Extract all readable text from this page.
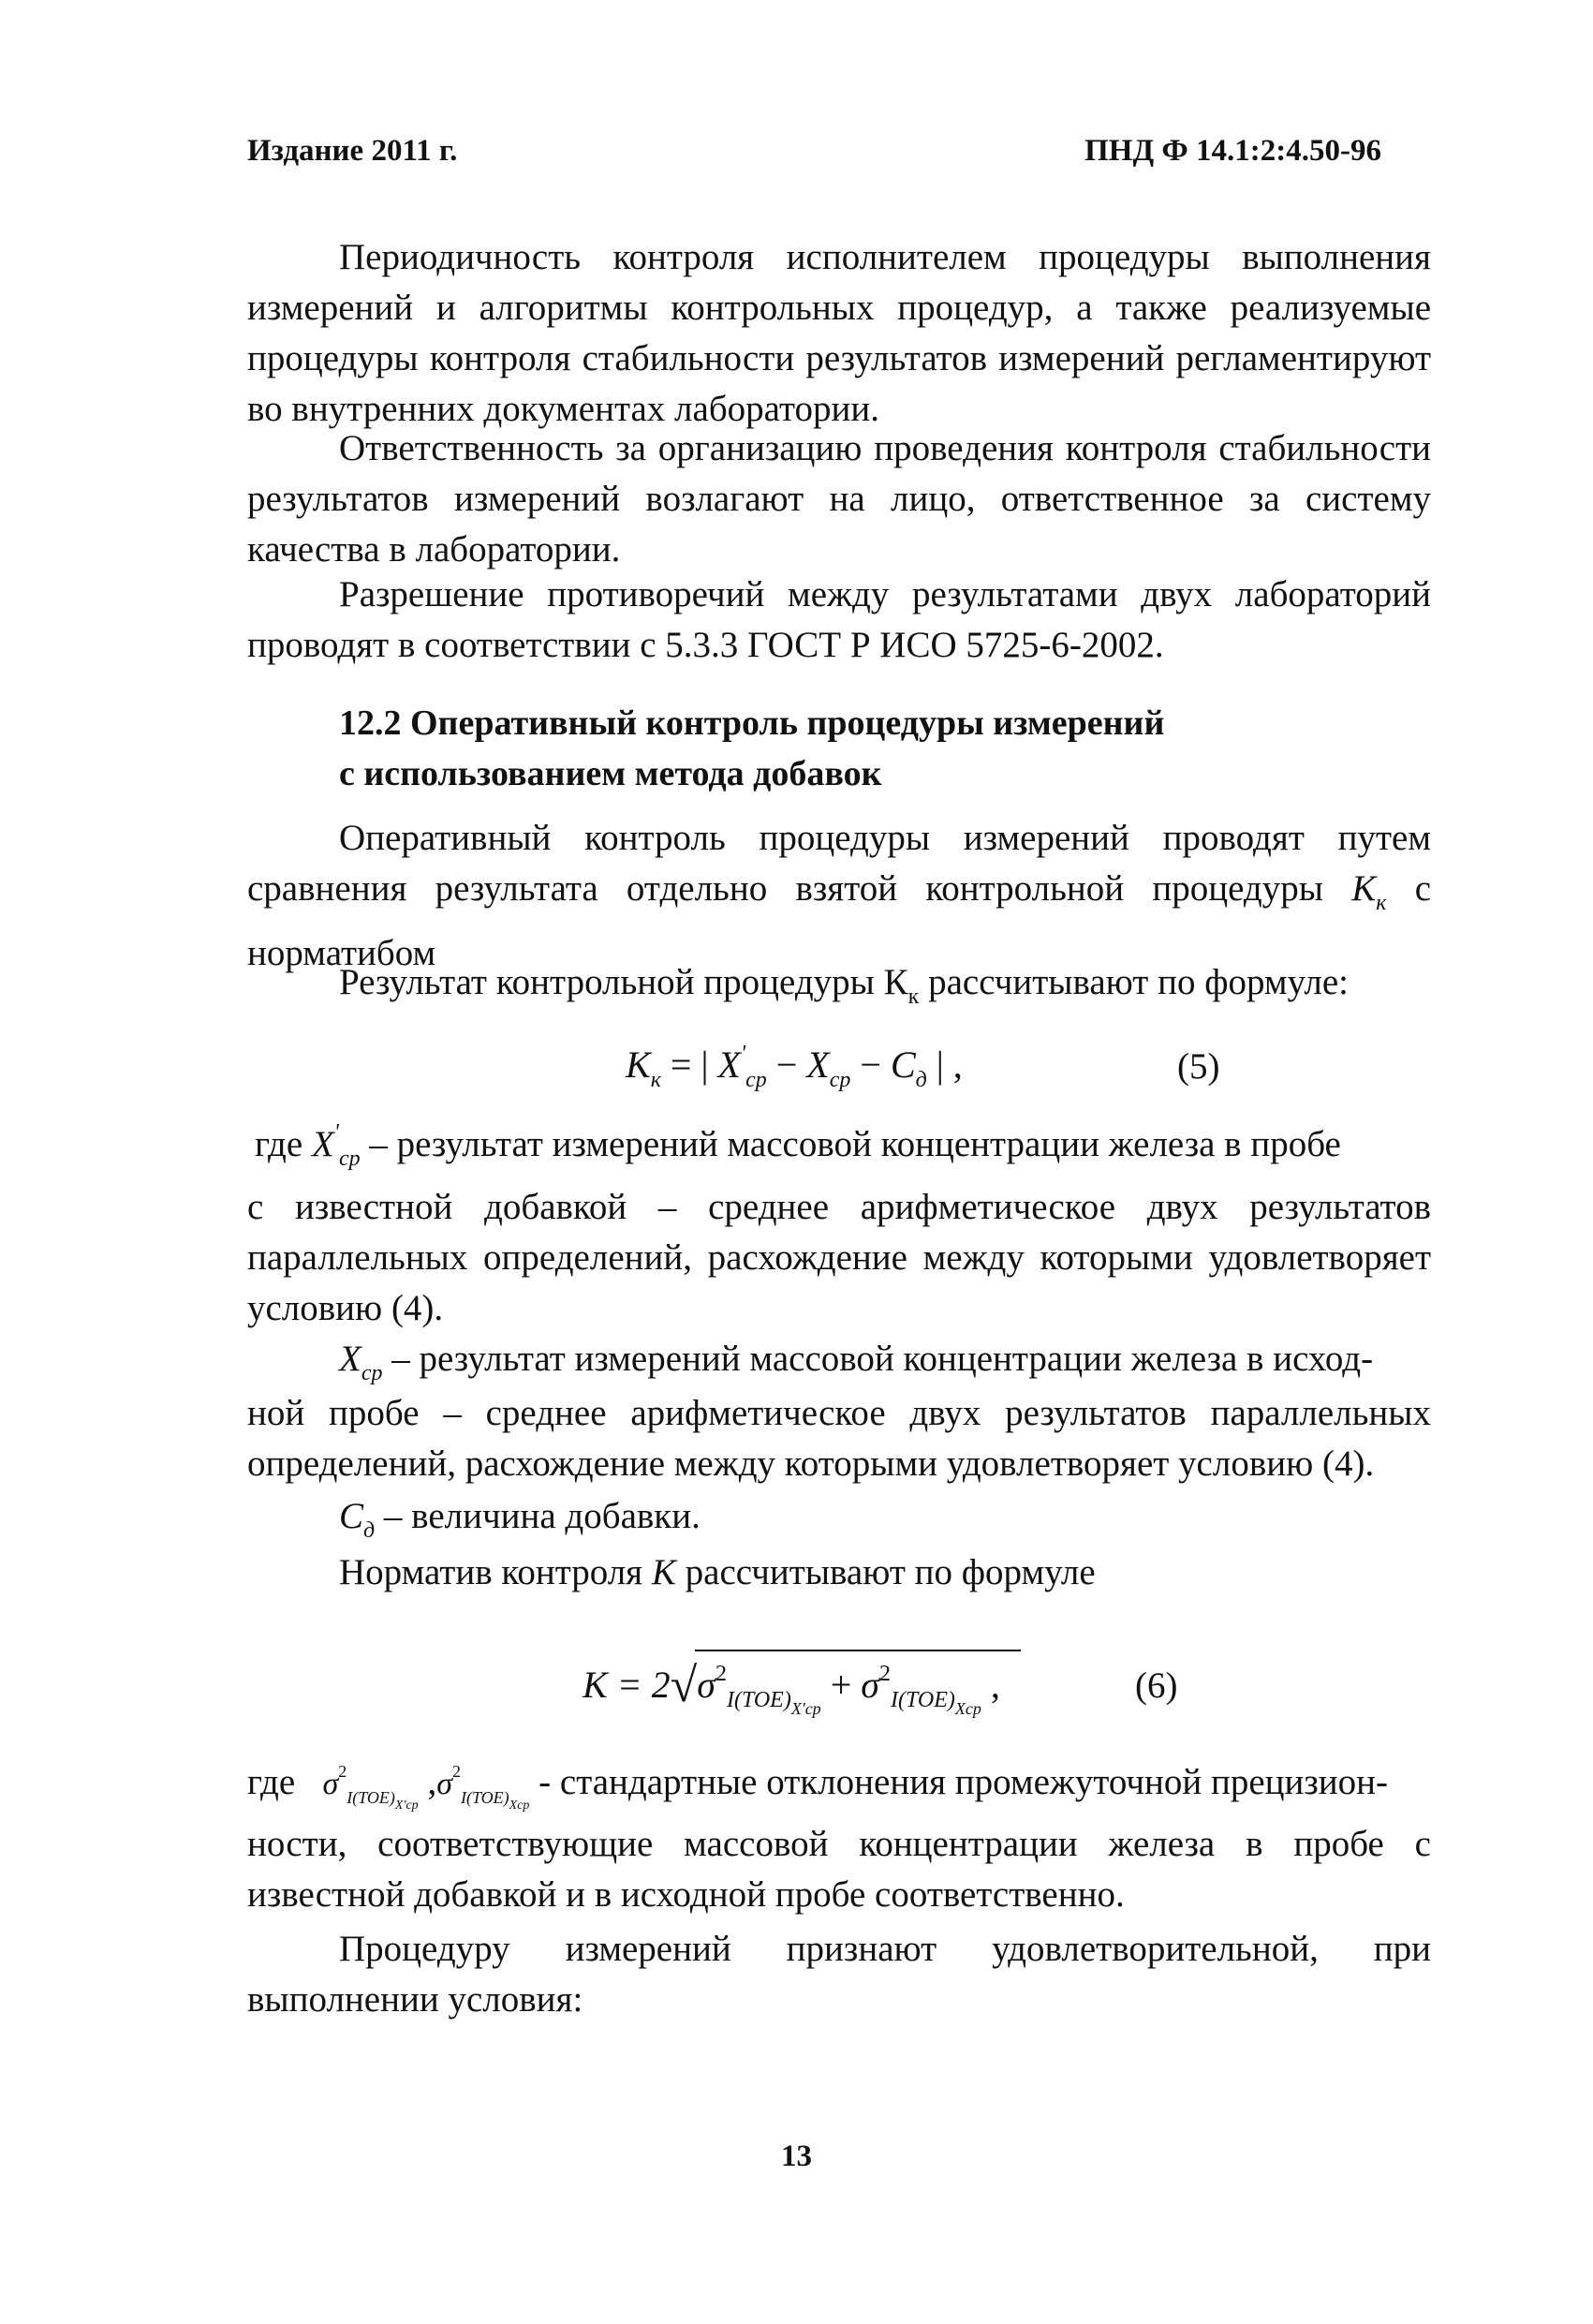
Издание 2011 г.	ПНД Ф 14.1:2:4.50-96
Периодичность контроля исполнителем процедуры выполнения измерений и алгоритмы контрольных процедур, а также реализуемые процедуры контроля стабильности результатов измерений регламентируют во внутренних документах лаборатории.
Ответственность за организацию проведения контроля стабильности результатов измерений возлагают на лицо, ответственное за систему качества в лаборатории.
Разрешение противоречий между результатами двух лабораторий проводят в соответствии с 5.3.3 ГОСТ Р ИСО 5725-6-2002.
12.2 Оперативный контроль процедуры измерений
с использованием метода добавок
Оперативный контроль процедуры измерений проводят путем сравнения результата отдельно взятой контрольной процедуры $K_к$ с норматибом
Результат контрольной процедуры $К_к$ рассчитывают по формуле:
$K_к$ = | $X'_{ср} - X_{ср} - C_д$ | ,	(5)
где $X'_{ср}$ – результат измерений массовой концентрации железа в пробе
с известной добавкой – среднее арифметическое двух результатов параллельных определений, расхождение между которыми удовлетворяет условию (4).
$X_{ср}$ – результат измерений массовой концентрации железа в исход-
ной пробе – среднее арифметическое двух результатов параллельных определений, расхождение между которыми удовлетворяет условию (4).
$C_д$ – величина добавки.
Норматив контроля K рассчитывают по формуле
$K = 2√\sigma^2_{I(TOE)X'ср} + \sigma^2_{I(TOE)Xср}$ ,	(6)
где $\sigma^2_{I(TOE)X'ср}$ $,\sigma^2_{I(TOE)Xср}$ - стандартные отклонения промежуточной прецизион-
ности, соответствующие массовой концентрации железа в пробе с известной добавкой и в исходной пробе соответственно.
Процедуру измерений признают удовлетворительной, при выполнении условия:
13
